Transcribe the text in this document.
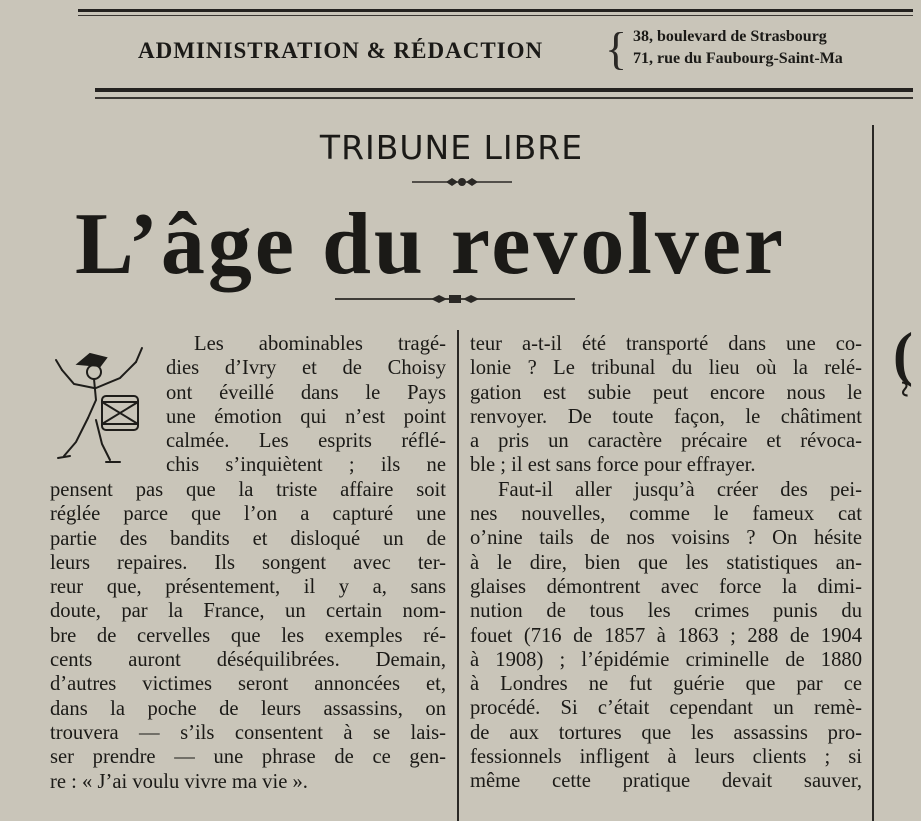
ADMINISTRATION & RÉDACTION { 38, boulevard de Strasbourg
71, rue du Faubourg-Saint-Ma
TRIBUNE LIBRE
L’âge du revolver
Les abominables tragé-
dies d’Ivry et de Choisy
ont éveillé dans le Pays
une émotion qui n’est point
calmée. Les esprits réflé-
chis s’inquiètent ; ils ne
pensent pas que la triste affaire soit
réglée parce que l’on a capturé une
partie des bandits et disloqué un de
leurs repaires. Ils songent avec ter-
reur que, présentement, il y a, sans
doute, par la France, un certain nom-
bre de cervelles que les exemples ré-
cents auront déséquilibrées. Demain,
d’autres victimes seront annoncées et,
dans la poche de leurs assassins, on
trouvera — s’ils consentent à se lais-
ser prendre — une phrase de ce gen-
re : « J’ai voulu vivre ma vie ».
teur a-t-il été transporté dans une co-
lonie ? Le tribunal du lieu où la relé-
gation est subie peut encore nous le
renvoyer. De toute façon, le châtiment
a pris un caractère précaire et révoca-
ble ; il est sans force pour effrayer.
Faut-il aller jusqu’à créer des pei-
nes nouvelles, comme le fameux cat
o’nine tails de nos voisins ? On hésite
à le dire, bien que les statistiques an-
glaises démontrent avec force la dimi-
nution de tous les crimes punis du
fouet (716 de 1857 à 1863 ; 288 de 1904
à 1908) ; l’épidémie criminelle de 1880
à Londres ne fut guérie que par ce
procédé. Si c’était cependant un remè-
de aux tortures que les assassins pro-
fessionnels infligent à leurs clients ; si
même cette pratique devait sauver,
(
~
